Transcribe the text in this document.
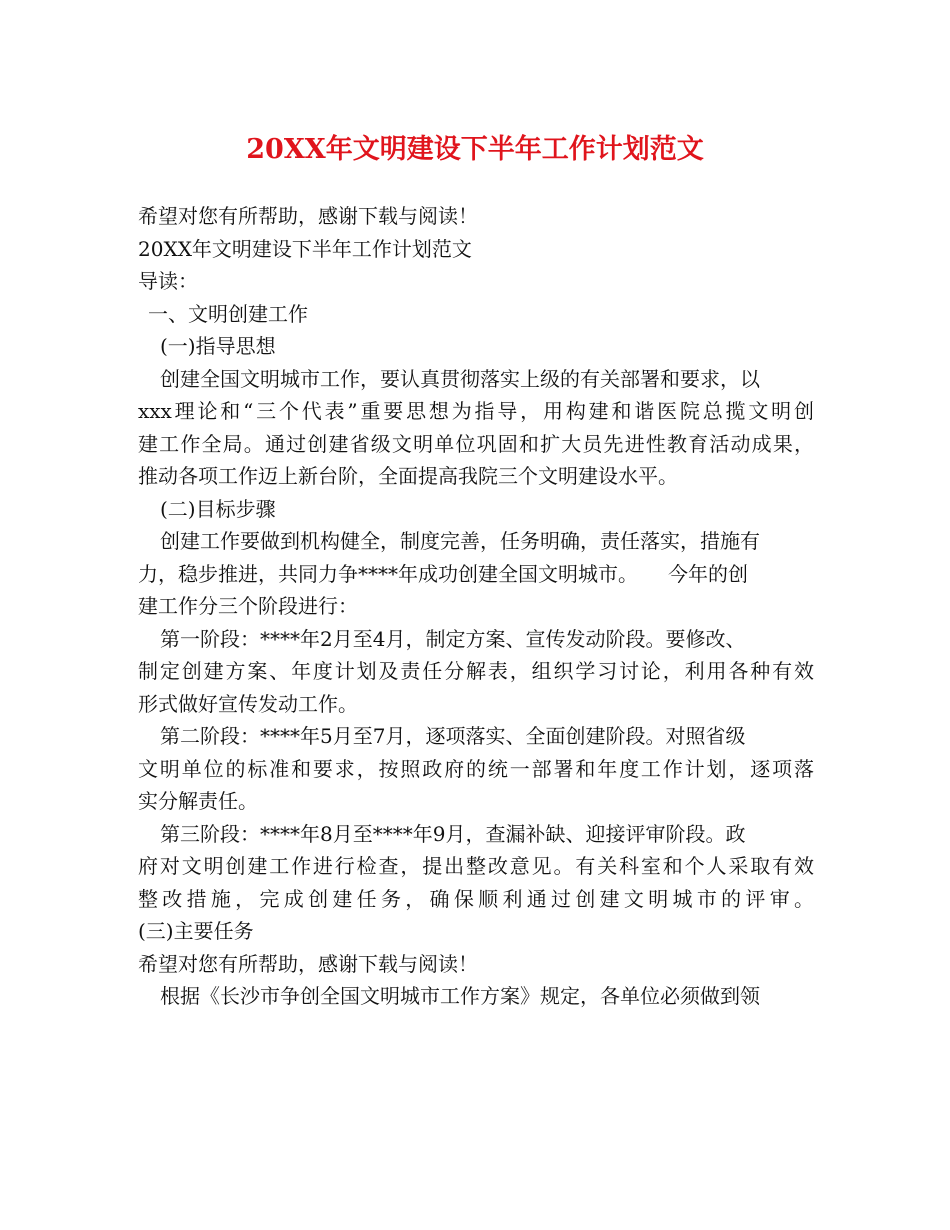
20XX年文明建设下半年工作计划范文
希望对您有所帮助，感谢下载与阅读！
20XX年文明建设下半年工作计划范文
导读：
一、文明创建工作
(一)指导思想
创建全国文明城市工作，要认真贯彻落实上级的有关部署和要求，以
xxx理论和“三个代表”重要思想为指导，用构建和谐医院总揽文明创
建工作全局。通过创建省级文明单位巩固和扩大员先进性教育活动成果，
推动各项工作迈上新台阶，全面提高我院三个文明建设水平。
(二)目标步骤
创建工作要做到机构健全，制度完善，任务明确，责任落实，措施有
力，稳步推进，共同力争****年成功创建全国文明城市。　　今年的创
建工作分三个阶段进行：
第一阶段：****年2月至4月，制定方案、宣传发动阶段。要修改、
制定创建方案、年度计划及责任分解表，组织学习讨论，利用各种有效
形式做好宣传发动工作。
第二阶段：****年5月至7月，逐项落实、全面创建阶段。对照省级
文明单位的标准和要求，按照政府的统一部署和年度工作计划，逐项落
实分解责任。
第三阶段：****年8月至****年9月，查漏补缺、迎接评审阶段。政
府对文明创建工作进行检查，提出整改意见。有关科室和个人采取有效
整改措施，完成创建任务，确保顺利通过创建文明城市的评审。
(三)主要任务
希望对您有所帮助，感谢下载与阅读！
根据《长沙市争创全国文明城市工作方案》规定，各单位必须做到领
